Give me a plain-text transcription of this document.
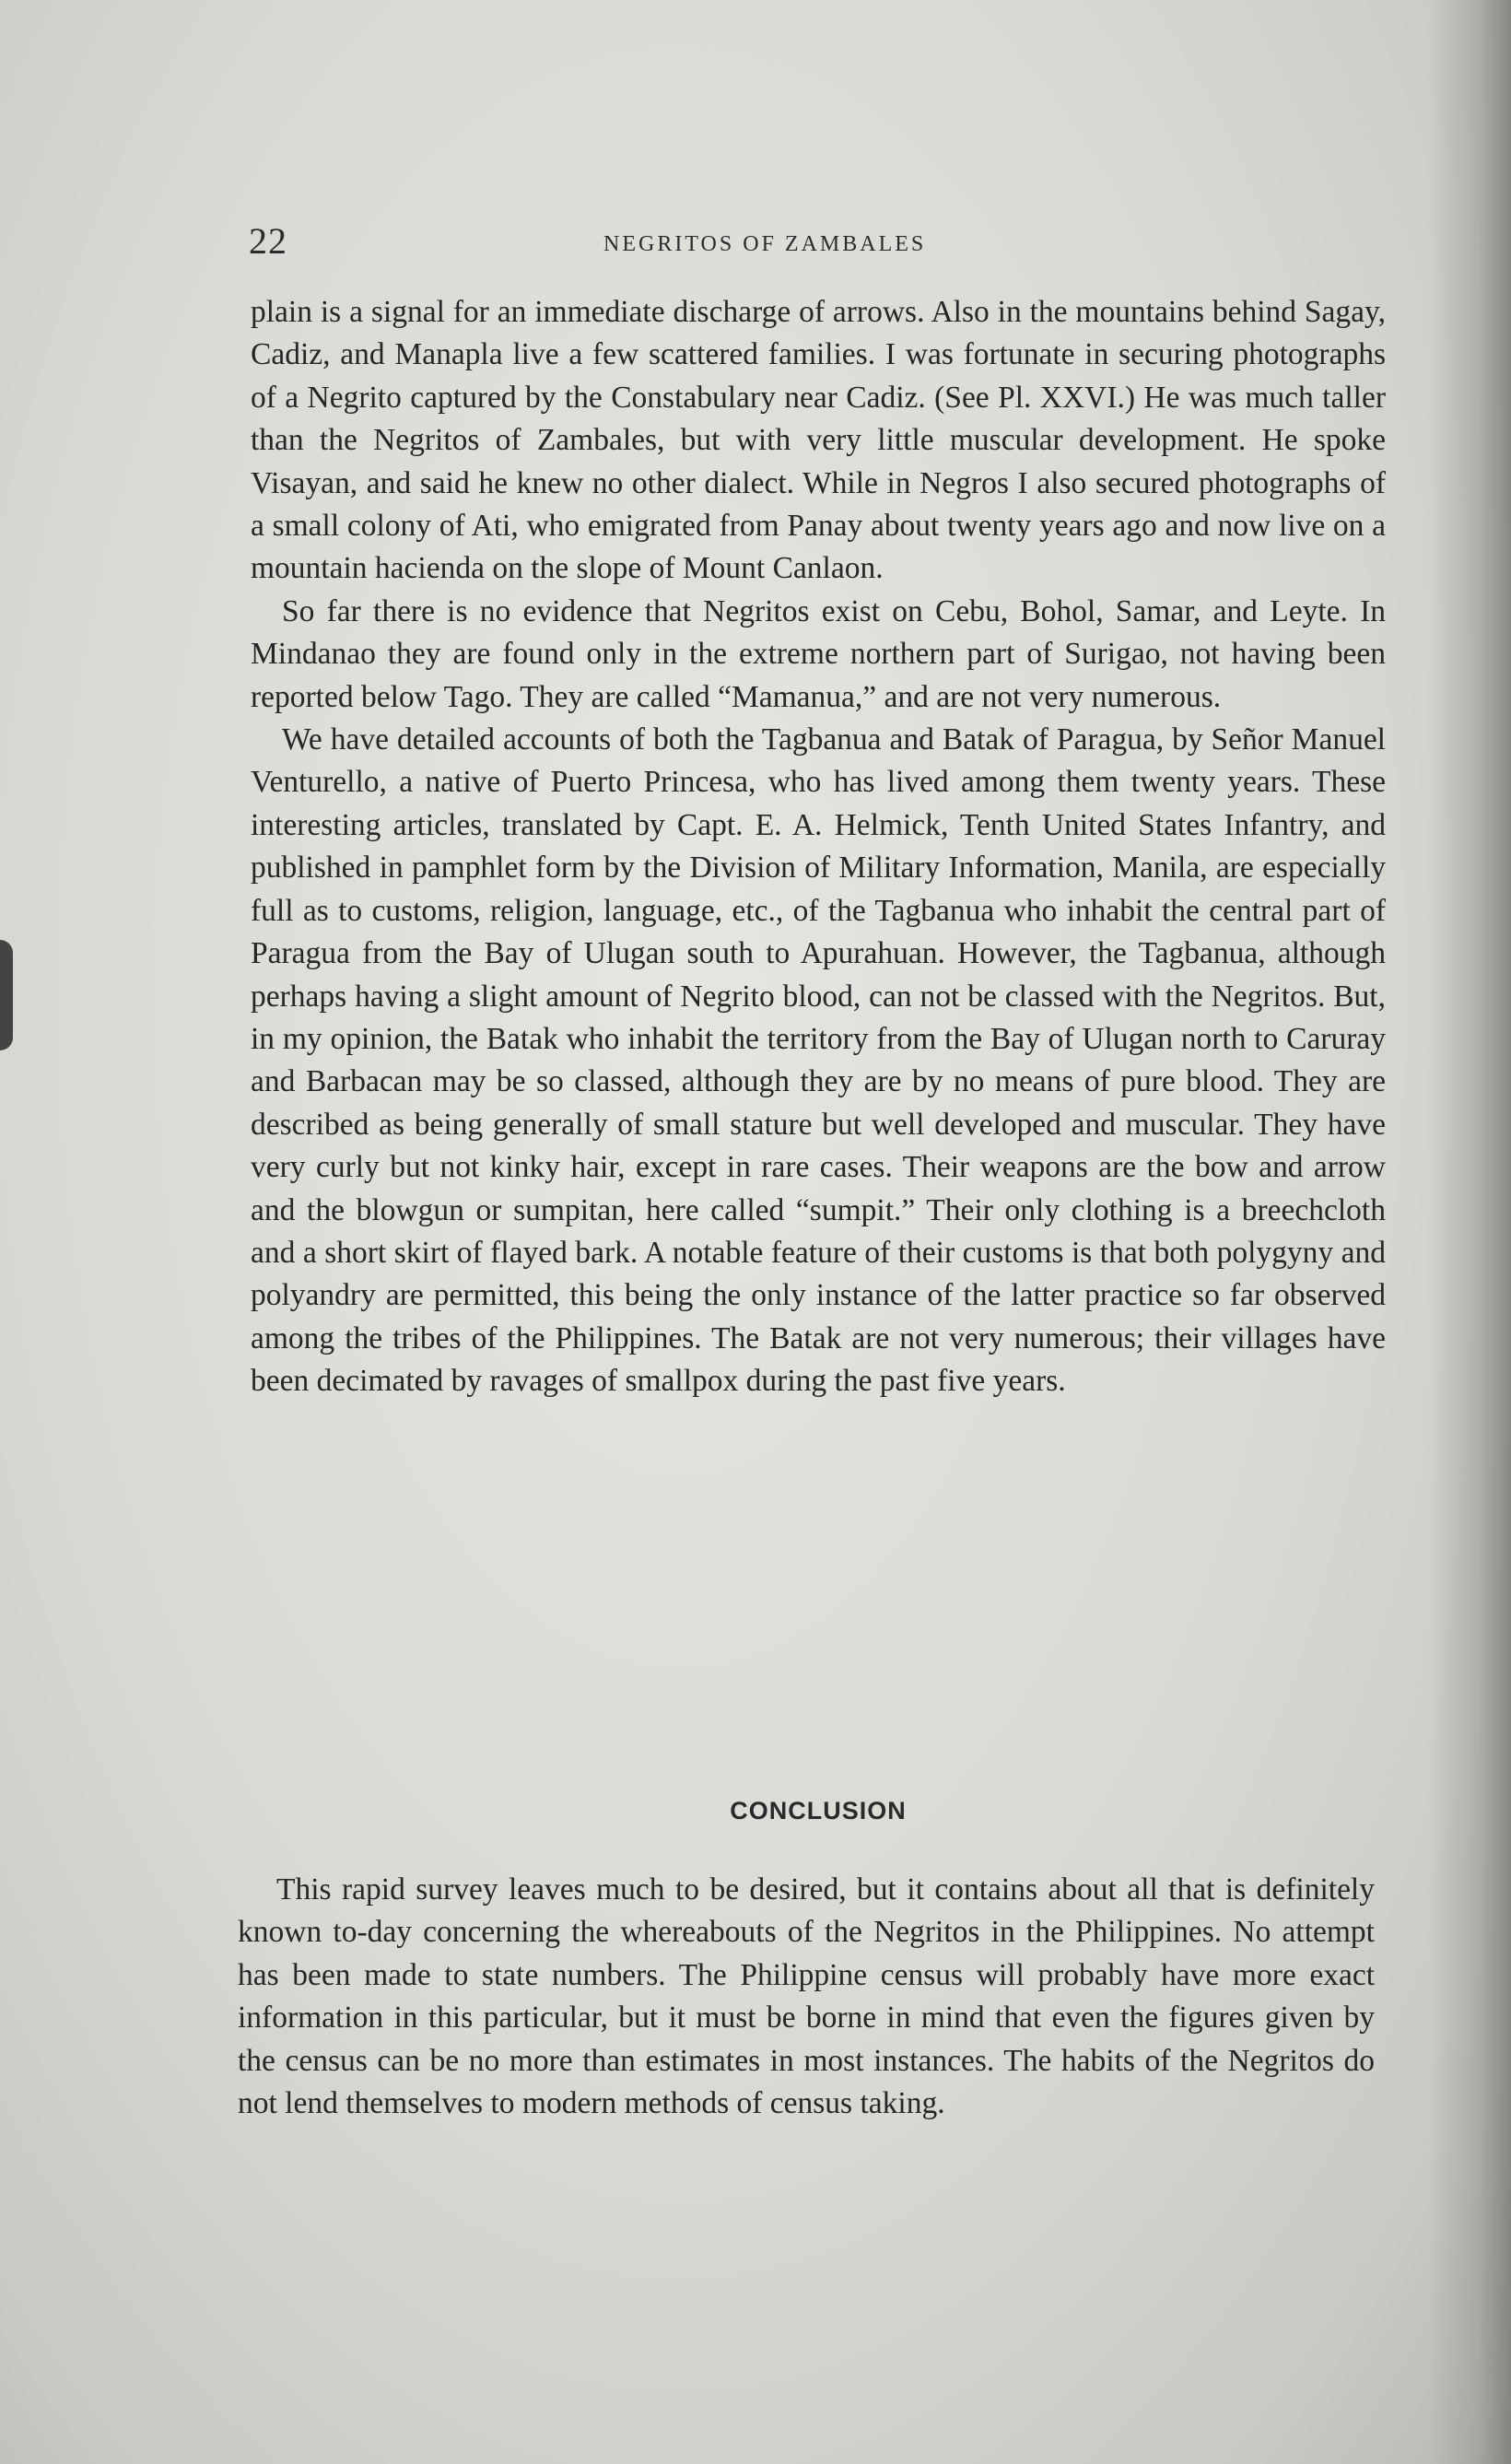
22	NEGRITOS OF ZAMBALES

plain is a signal for an immediate discharge of arrows. Also in the mountains behind Sagay, Cadiz, and Manapla live a few scattered families. I was fortunate in securing photographs of a Negrito captured by the Constabulary near Cadiz. (See Pl. XXVI.) He was much taller than the Negritos of Zambales, but with very little muscular development. He spoke Visayan, and said he knew no other dialect. While in Negros I also secured photographs of a small colony of Ati, who emigrated from Panay about twenty years ago and now live on a mountain hacienda on the slope of Mount Canlaon.

So far there is no evidence that Negritos exist on Cebu, Bohol, Samar, and Leyte. In Mindanao they are found only in the extreme northern part of Surigao, not having been reported below Tago. They are called “Mamanua,” and are not very numerous.

We have detailed accounts of both the Tagbanua and Batak of Paragua, by Señor Manuel Venturello, a native of Puerto Princesa, who has lived among them twenty years. These interesting articles, translated by Capt. E. A. Helmick, Tenth United States Infantry, and published in pamphlet form by the Division of Military Information, Manila, are especially full as to customs, religion, language, etc., of the Tagbanua who inhabit the central part of Paragua from the Bay of Ulugan south to Apurahuan. However, the Tagbanua, although perhaps having a slight amount of Negrito blood, can not be classed with the Negritos. But, in my opinion, the Batak who inhabit the territory from the Bay of Ulugan north to Caruray and Barbacan may be so classed, although they are by no means of pure blood. They are described as being generally of small stature but well developed and muscular. They have very curly but not kinky hair, except in rare cases. Their weapons are the bow and arrow and the blowgun or sumpitan, here called “sumpit.” Their only clothing is a breechcloth and a short skirt of flayed bark. A notable feature of their customs is that both polygyny and polyandry are permitted, this being the only instance of the latter practice so far observed among the tribes of the Philippines. The Batak are not very numerous; their villages have been decimated by ravages of smallpox during the past five years.

CONCLUSION

This rapid survey leaves much to be desired, but it contains about all that is definitely known to-day concerning the whereabouts of the Negritos in the Philippines. No attempt has been made to state numbers. The Philippine census will probably have more exact information in this particular, but it must be borne in mind that even the figures given by the census can be no more than estimates in most instances. The habits of the Negritos do not lend themselves to modern methods of census taking.
